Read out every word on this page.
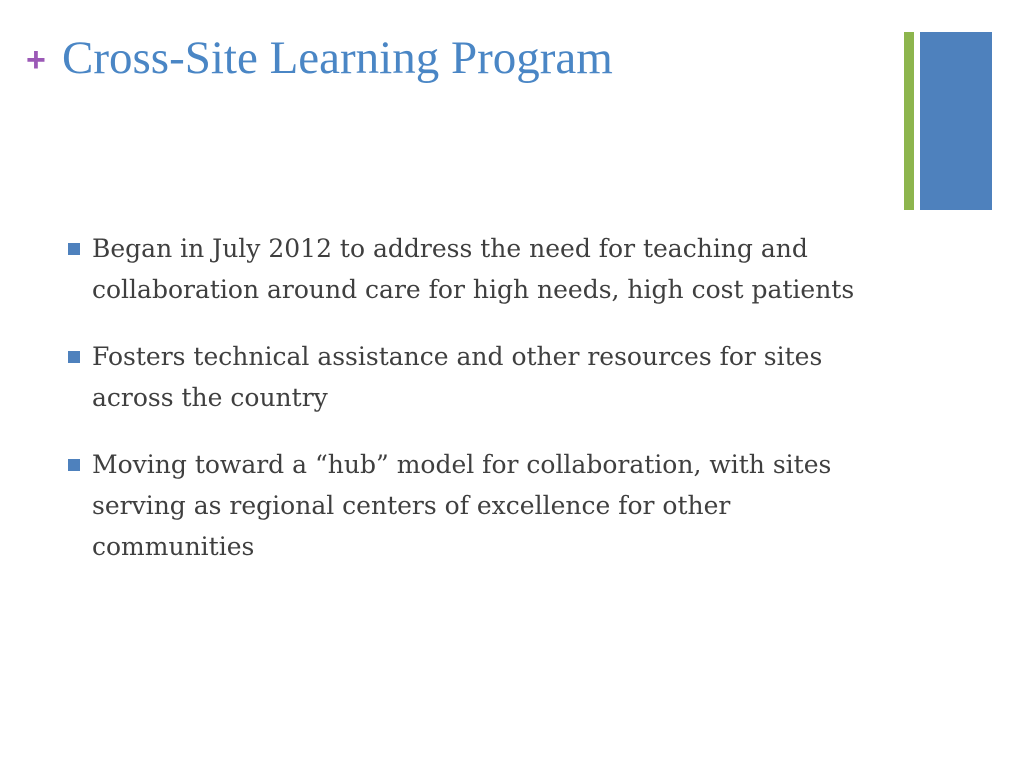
+ Cross-Site Learning Program
Began in July 2012 to address the need for teaching and collaboration around care for high needs, high cost patients
Fosters technical assistance and other resources for sites across the country
Moving toward a “hub” model for collaboration, with sites serving as regional centers of excellence for other communities
